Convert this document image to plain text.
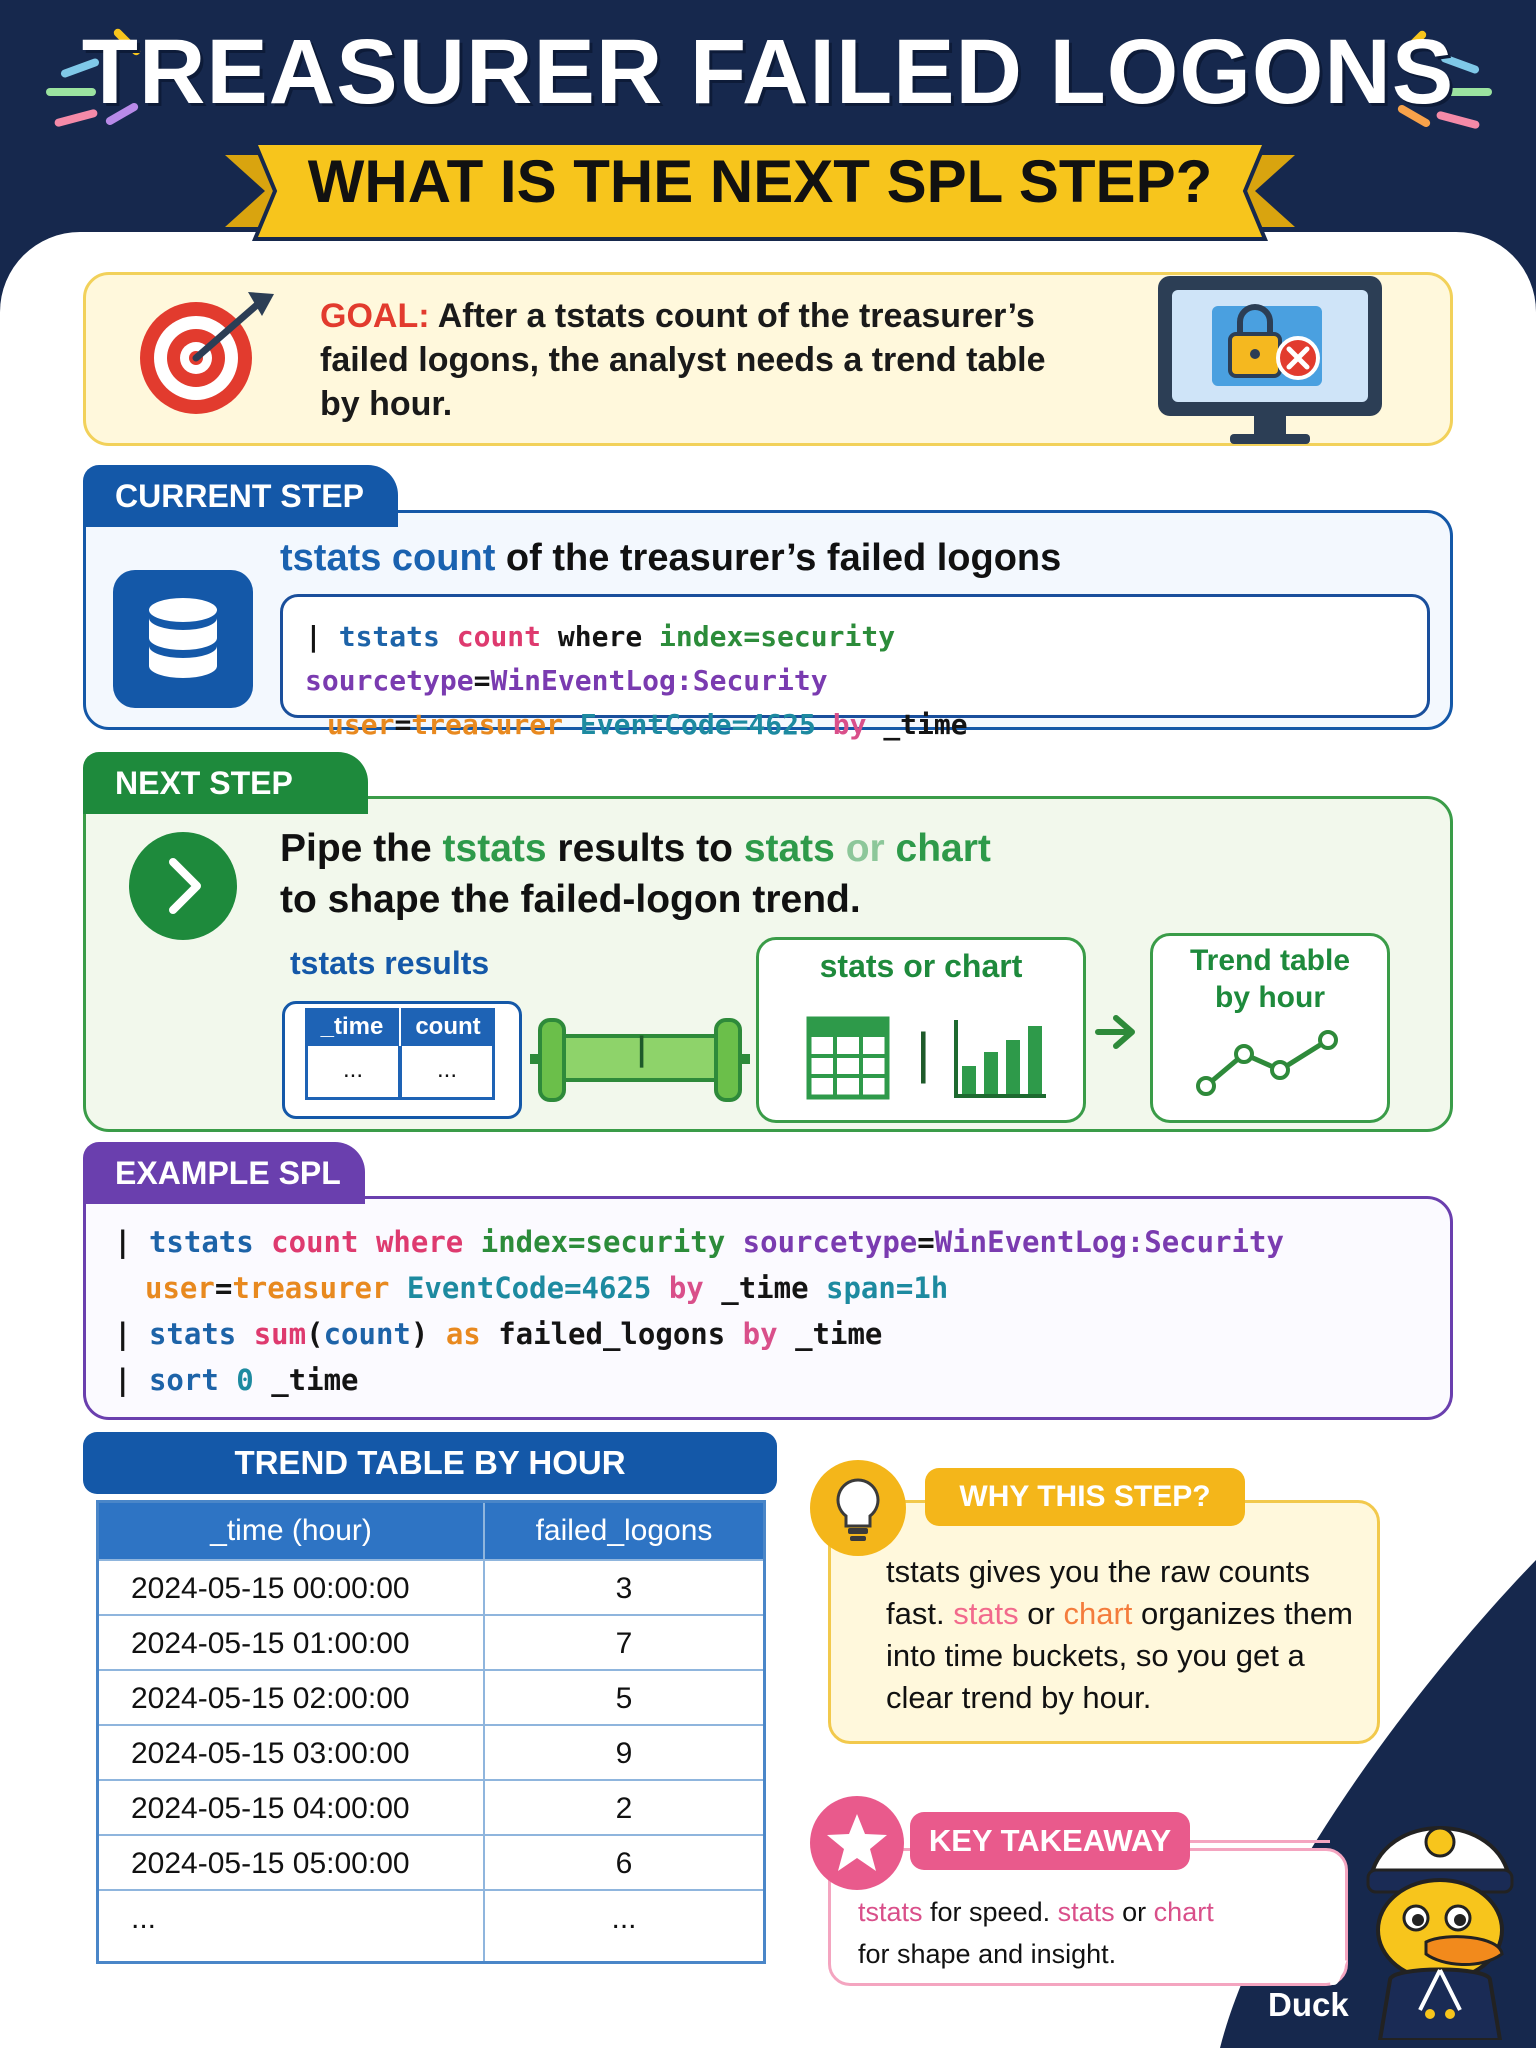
TREASURER FAILED LOGONS
WHAT IS THE NEXT SPL STEP?
GOAL: After a tstats count of the treasurer’s failed logons, the analyst needs a trend table by hour.
CURRENT STEP
tstats count of the treasurer’s failed logons
| tstats count where index=security sourcetype=WinEventLog:Security
user=treasurer EventCode=4625 by _time
NEXT STEP
Pipe the tstats results to stats or chart
to shape the failed-logon trend.
tstats results
_time	count
...	...
|
stats or chart
|
Trend table
by hour
| tstats count where index=security sourcetype=WinEventLog:Security
user=treasurer EventCode=4625 by _time span=1h
| stats sum(count) as failed_logons by _time
| sort 0 _time
EXAMPLE SPL
TREND TABLE BY HOUR
_time (hour)	failed_logons
2024-05-15 00:00:00	3
2024-05-15 01:00:00	7
2024-05-15 02:00:00	5
2024-05-15 03:00:00	9
2024-05-15 04:00:00	2
2024-05-15 05:00:00	6
...	...
WHY THIS STEP?
tstats gives you the raw counts fast. stats or chart organizes them into time buckets, so you get a clear trend by hour.
KEY TAKEAWAY
tstats for speed. stats or chart
for shape and insight.	Navy
Duck
